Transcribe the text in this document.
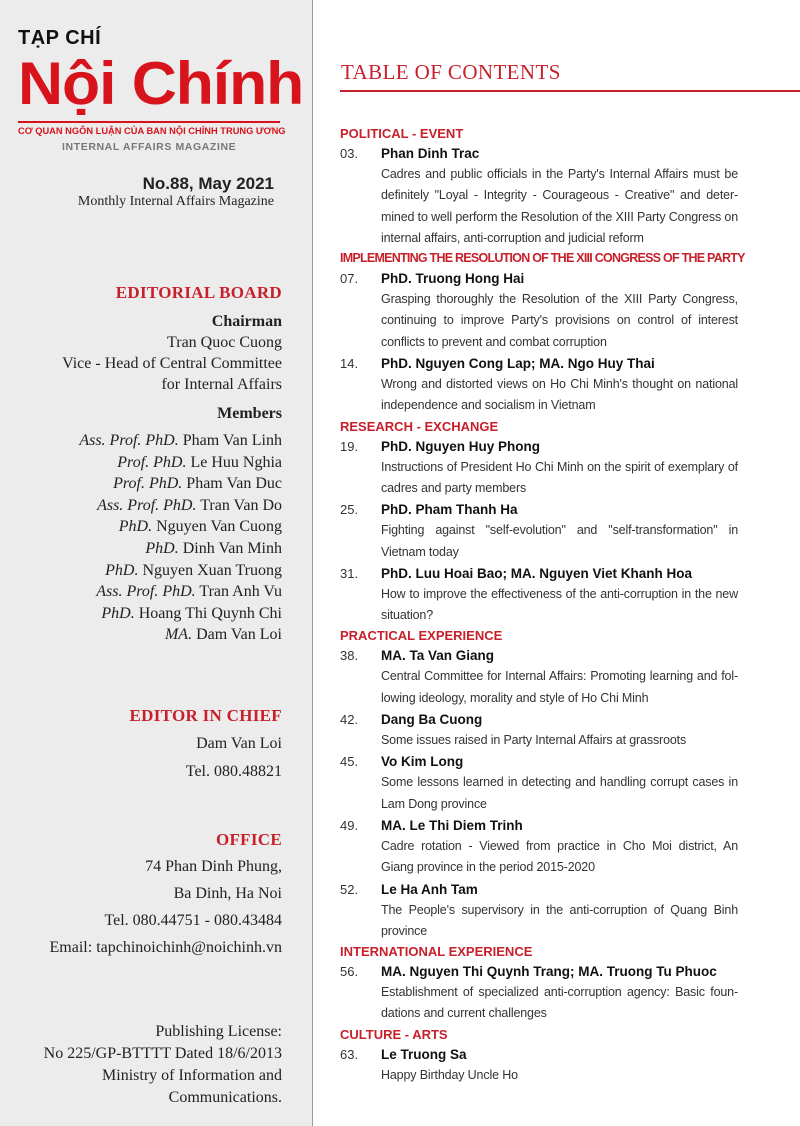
TẠP CHÍ
Nội Chính
CƠ QUAN NGÔN LUẬN CỦA BAN NỘI CHÍNH TRUNG ƯƠNG
INTERNAL AFFAIRS MAGAZINE
No.88, May 2021
Monthly Internal Affairs Magazine
EDITORIAL BOARD
Chairman
Tran Quoc Cuong
Vice - Head of Central Committee
for Internal Affairs
Members
Ass. Prof. PhD. Pham Van Linh
Prof. PhD. Le Huu Nghia
Prof. PhD. Pham Van Duc
Ass. Prof. PhD. Tran Van Do
PhD. Nguyen Van Cuong
PhD. Dinh Van Minh
PhD. Nguyen Xuan Truong
Ass. Prof. PhD. Tran Anh Vu
PhD. Hoang Thi Quynh Chi
MA. Dam Van Loi
EDITOR IN CHIEF
Dam Van Loi
Tel. 080.48821
OFFICE
74 Phan Dinh Phung,
Ba Dinh, Ha Noi
Tel. 080.44751 - 080.43484
Email: tapchinoichinh@noichinh.vn
Publishing License:
No 225/GP-BTTTT Dated 18/6/2013
Ministry of Information and
Communications.
TABLE OF CONTENTS
POLITICAL - EVENT
03. Phan Dinh Trac
Cadres and public officials in the Party's Internal Affairs must be definitely "Loyal - Integrity - Courageous - Creative" and deter-mined to well perform the Resolution of the XIII Party Congress on internal affairs, anti-corruption and judicial reform
IMPLEMENTING THE RESOLUTION OF THE XIII CONGRESS OF THE PARTY
07. PhD. Truong Hong Hai
Grasping thoroughly the Resolution of the XIII Party Congress, continuing to improve Party's provisions on control of interest conflicts to prevent and combat corruption
14. PhD. Nguyen Cong Lap; MA. Ngo Huy Thai
Wrong and distorted views on Ho Chi Minh's thought on national independence and socialism in Vietnam
RESEARCH - EXCHANGE
19. PhD. Nguyen Huy Phong
Instructions of President Ho Chi Minh on the spirit of exemplary of cadres and party members
25. PhD. Pham Thanh Ha
Fighting against "self-evolution" and "self-transformation" in Vietnam today
31. PhD. Luu Hoai Bao; MA. Nguyen Viet Khanh Hoa
How to improve the effectiveness of the anti-corruption in the new situation?
PRACTICAL EXPERIENCE
38. MA. Ta Van Giang
Central Committee for Internal Affairs: Promoting learning and fol-lowing ideology, morality and style of Ho Chi Minh
42. Dang Ba Cuong
Some issues raised in Party Internal Affairs at grassroots
45. Vo Kim Long
Some lessons learned in detecting and handling corrupt cases in Lam Dong province
49. MA. Le Thi Diem Trinh
Cadre rotation - Viewed from practice in Cho Moi district, An Giang province in the period 2015-2020
52. Le Ha Anh Tam
The People's supervisory in the anti-corruption of Quang Binh province
INTERNATIONAL EXPERIENCE
56. MA. Nguyen Thi Quynh Trang; MA. Truong Tu Phuoc
Establishment of specialized anti-corruption agency: Basic foun-dations and current challenges
CULTURE - ARTS
63. Le Truong Sa
Happy Birthday Uncle Ho
